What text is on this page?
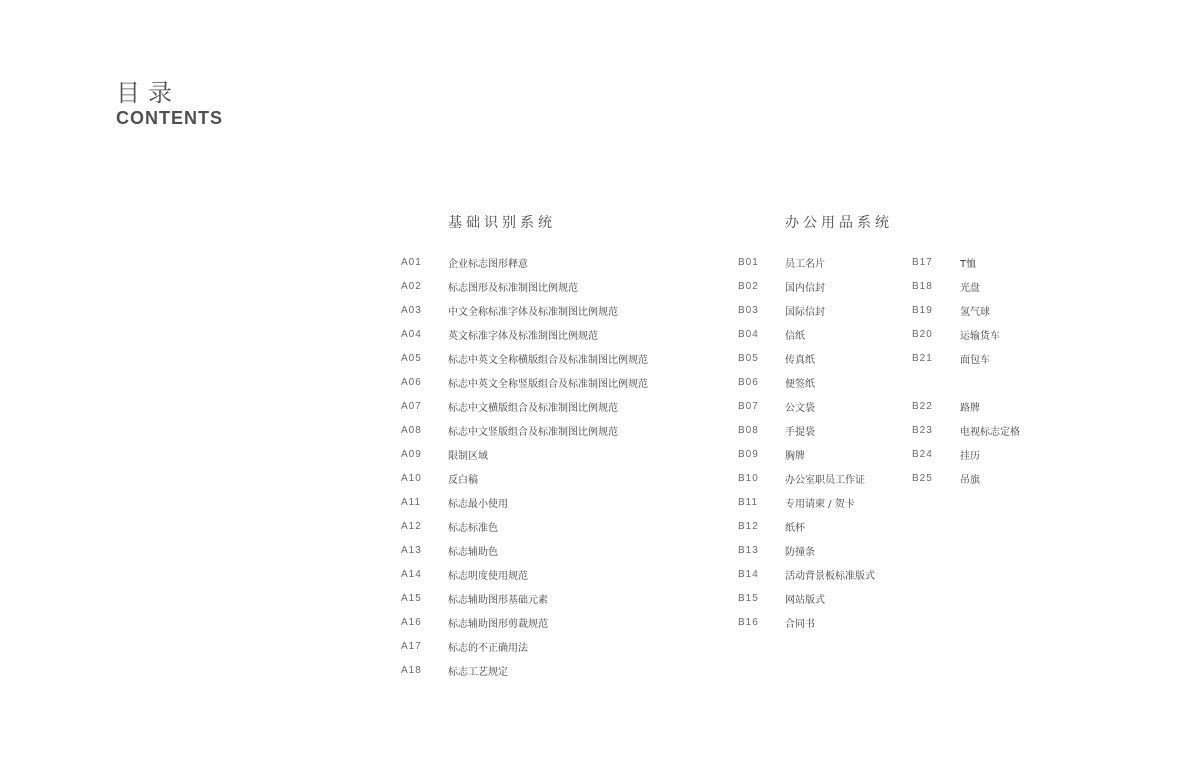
目录
CONTENTS
基础识别系统	办公用品系统
A01	企业标志图形释意
A02	标志图形及标准制图比例规范
A03	中文全称标准字体及标准制图比例规范
A04	英文标准字体及标准制图比例规范
A05	标志中英文全称横版组合及标准制图比例规范
A06	标志中英文全称竖版组合及标准制图比例规范
A07	标志中文横版组合及标准制图比例规范
A08	标志中文竖版组合及标准制图比例规范
A09	限制区域
A10	反白稿
A11	标志最小使用
A12	标志标准色
A13	标志辅助色
A14	标志明度使用规范
A15	标志辅助图形基础元素
A16	标志辅助图形剪裁规范
A17	标志的不正确用法
A18	标志工艺规定
B01	员工名片
B02	国内信封
B03	国际信封
B04	信纸
B05	传真纸
B06	便签纸
B07	公文袋
B08	手提袋
B09	胸牌
B10	办公室职员工作证
B11	专用请柬 / 贺卡
B12	纸杯
B13	防撞条
B14	活动背景板标准版式
B15	网站版式
B16	合同书
B17	T恤
B18	光盘
B19	氢气球
B20	运输货车
B21	面包车
B22	路牌
B23	电视标志定格
B24	挂历
B25	吊旗
